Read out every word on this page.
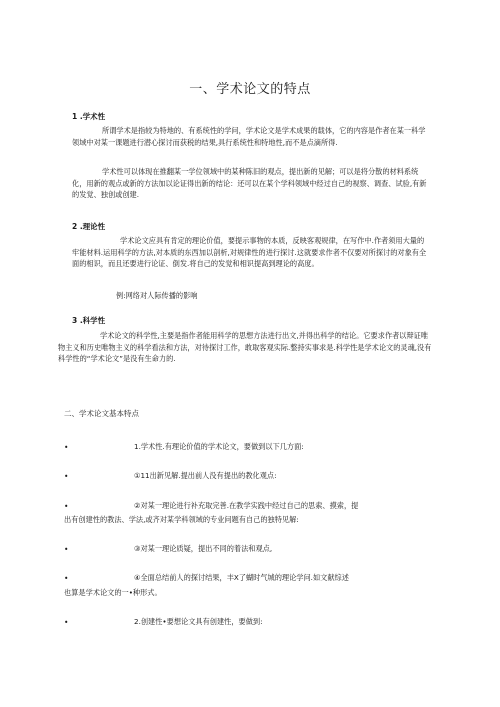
一、学术论文的特点
1 .学术性
所谓学术是指较为特地的、有系统性的学问，学术论文是学术成果的载体，它的内容是作者在某一科学领域中对某一课题进行潜心探讨而获税的结果,具行系统性和特地性,而不是点滴所得.
学术性可以体现在推翻某一学位领域中的某种陈旧的观点，提出新的见解；可以是将分散的材料系统化，用新的观点或新的方法加以论证得出新的结论：还可以在某个学科领域中经过自己的视察、调查、试验,有新的发觉、独创或创建.
2 .理论性
学术论文应具有肯定的理论价值，要提示事物的本质，反映客观规律，在写作中.作者须用大量的牢能材料.运用科学的方法,对本质的东西加以剖析,对规律性的进行探讨.这就要求作者不仅要对所探讨的对象有全面的相识，而且还要进行论证、倒发.将自己的发觉和相识提高到理论的高度。
例:网络对人际传播的影响
3 .科学性
学术论文的科学性,主要是指作者能用科学的思想方法进行出文,并得出科学的结论。它要求作者以辩证唯物主义和历史唯物主义的科学看法和方法，对待探讨工作，敢取客观实际.整持实事求是.科学性是学术论文的灵魂,没有科学性的“学术论文”是没有生命力的.
二、学术论文基本特点
•	1.学术性.有理论价值的学术论文，要做到以下几方面:
•	①11出新见解.提出前人没有提出的教化观点:
•	②对某一理论进行补充取完善.在教学实践中经过自己的思索、摸索，提
出有创建性的教法、学法,或齐对某学科领域的专业问题有自己的独特见解:
•	③对某一理论质疑，提出不同的着法和观点,
•	④全面总结前人的探讨结果，丰X了蝴时气城的理论学问.如文献综述
也算是学术论文的一•种形式。
•	2.创建性•要想论文具有创建性，要做到:
